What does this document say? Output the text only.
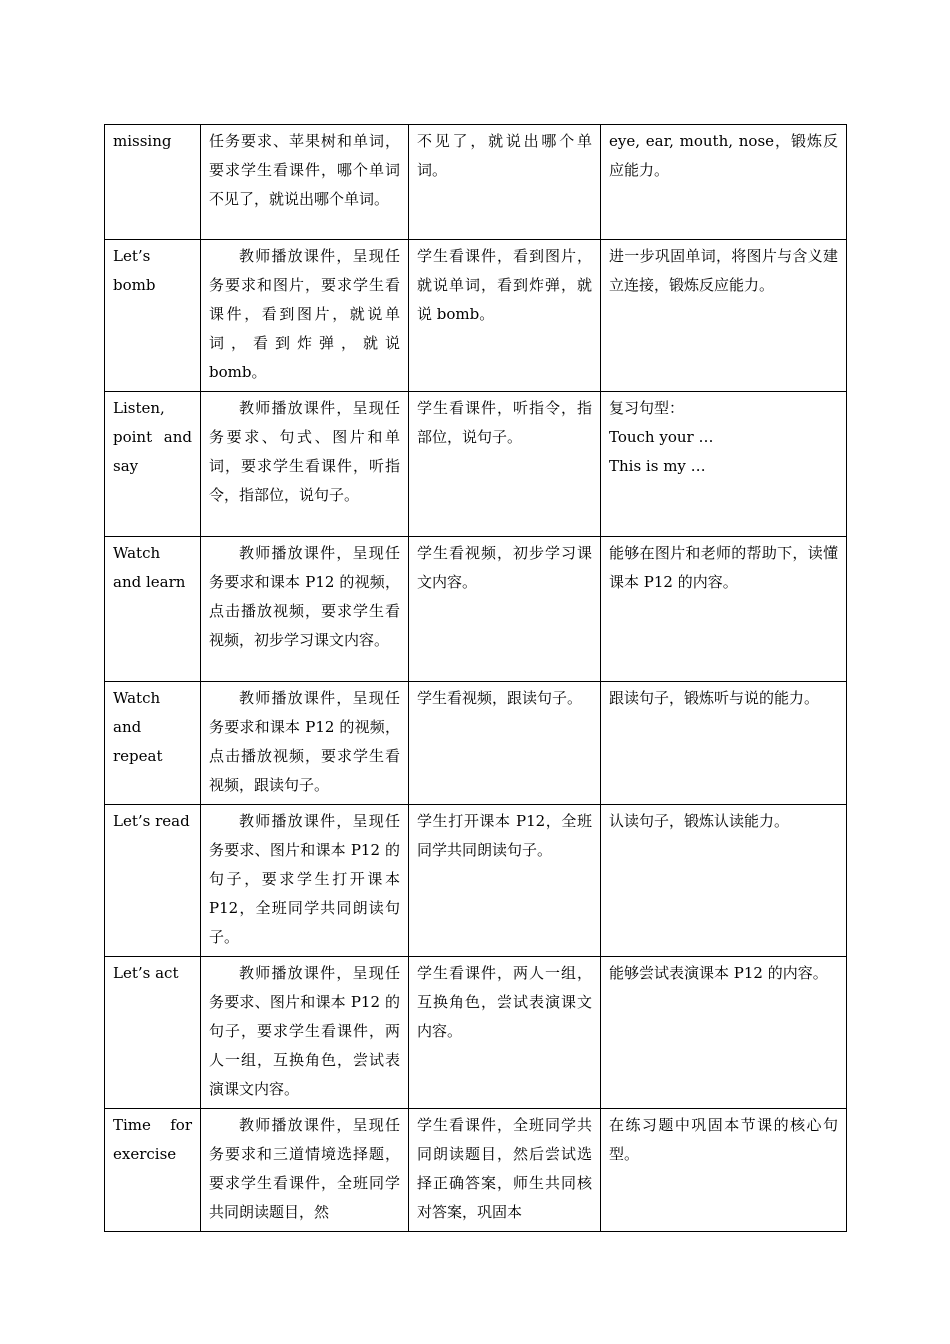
missing	任务要求、苹果树和单词，要求学生看课件，哪个单词不见了，就说出哪个单词。	不见了，就说出哪个单词。	eye, ear, mouth, nose，锻炼反应能力。

Let’s bomb	教师播放课件，呈现任务要求和图片，要求学生看课件，看到图片，就说单词，看到炸弹，就说 bomb。	学生看课件，看到图片，就说单词，看到炸弹，就说 bomb。	进一步巩固单词，将图片与含义建立连接，锻炼反应能力。

Listen, point and say	教师播放课件，呈现任务要求、句式、图片和单词，要求学生看课件，听指令，指部位，说句子。	学生看课件，听指令，指部位，说句子。	复习句型：
Touch your …
This is my …

Watch and learn	教师播放课件，呈现任务要求和课本 P12 的视频，点击播放视频，要求学生看视频，初步学习课文内容。	学生看视频，初步学习课文内容。	能够在图片和老师的帮助下，读懂课本 P12 的内容。

Watch and repeat	教师播放课件，呈现任务要求和课本 P12 的视频，点击播放视频，要求学生看视频，跟读句子。	学生看视频，跟读句子。	跟读句子，锻炼听与说的能力。

Let’s read	教师播放课件，呈现任务要求、图片和课本 P12 的句子，要求学生打开课本 P12，全班同学共同朗读句子。	学生打开课本 P12，全班同学共同朗读句子。	认读句子，锻炼认读能力。

Let’s act	教师播放课件，呈现任务要求、图片和课本 P12 的句子，要求学生看课件，两人一组，互换角色，尝试表演课文内容。	学生看课件，两人一组，互换角色，尝试表演课文内容。	能够尝试表演课本 P12 的内容。

Time for exercise	教师播放课件，呈现任务要求和三道情境选择题，要求学生看课件，全班同学共同朗读题目，然	学生看课件，全班同学共同朗读题目，然后尝试选择正确答案，师生共同核对答案，巩固本	在练习题中巩固本节课的核心句型。
